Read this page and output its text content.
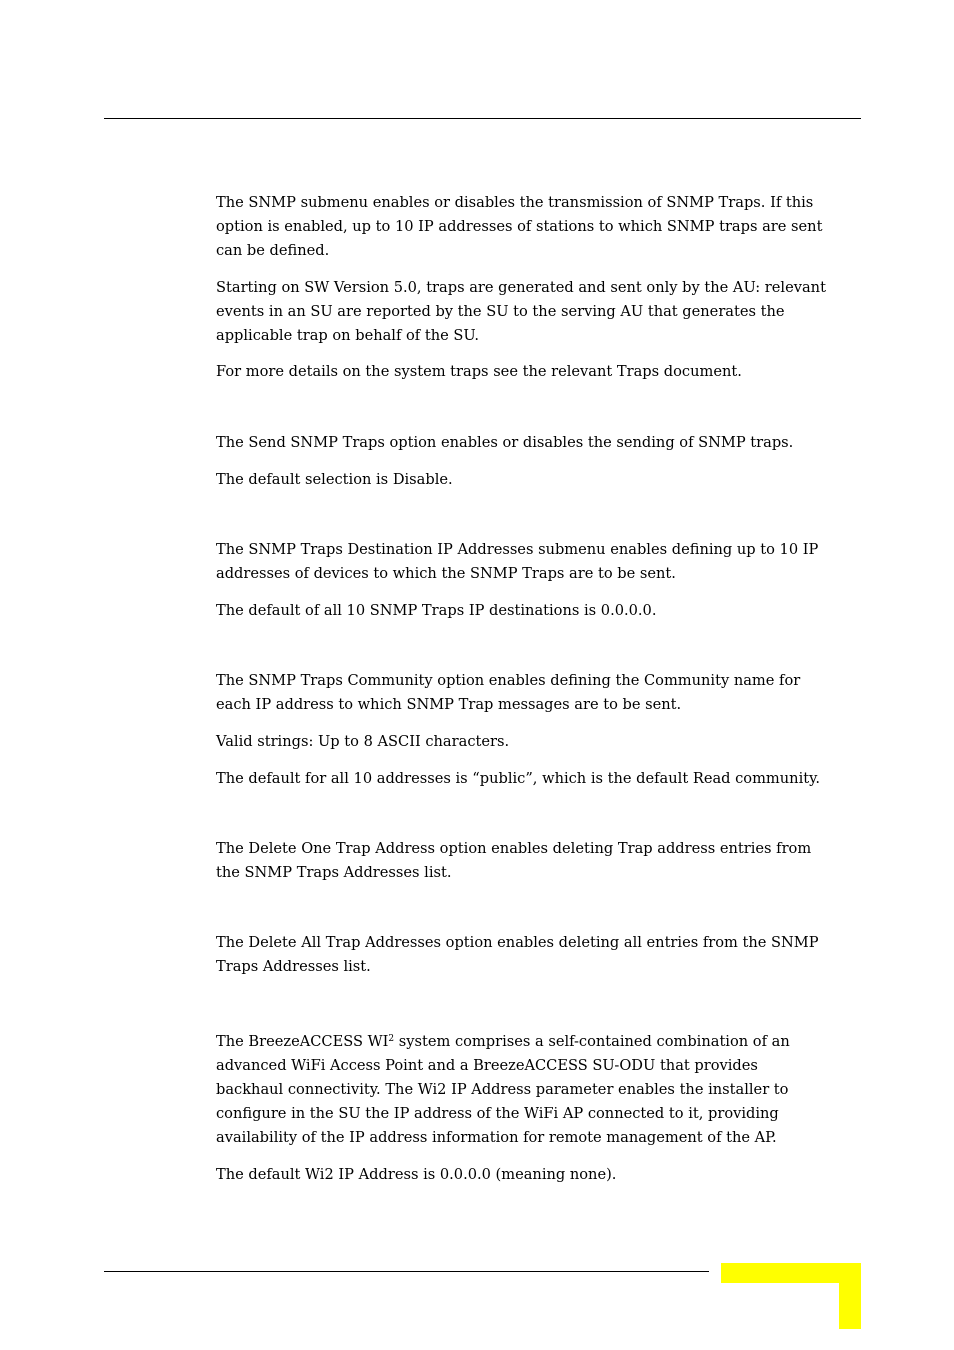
The SNMP submenu enables or disables the transmission of SNMP Traps. If this
option is enabled, up to 10 IP addresses of stations to which SNMP traps are sent
can be defined.
Starting on SW Version 5.0, traps are generated and sent only by the AU: relevant
events in an SU are reported by the SU to the serving AU that generates the
applicable trap on behalf of the SU.
For more details on the system traps see the relevant Traps document.
The Send SNMP Traps option enables or disables the sending of SNMP traps.
The default selection is Disable.
The SNMP Traps Destination IP Addresses submenu enables defining up to 10 IP
addresses of devices to which the SNMP Traps are to be sent.
The default of all 10 SNMP Traps IP destinations is 0.0.0.0.
The SNMP Traps Community option enables defining the Community name for
each IP address to which SNMP Trap messages are to be sent.
Valid strings: Up to 8 ASCII characters.
The default for all 10 addresses is “public”, which is the default Read community.
The Delete One Trap Address option enables deleting Trap address entries from
the SNMP Traps Addresses list.
The Delete All Trap Addresses option enables deleting all entries from the SNMP
Traps Addresses list.
The BreezeACCESS $WI^2$ system comprises a self-contained combination of an
advanced WiFi Access Point and a BreezeACCESS SU-ODU that provides
backhaul connectivity. The Wi2 IP Address parameter enables the installer to
configure in the SU the IP address of the WiFi AP connected to it, providing
availability of the IP address information for remote management of the AP.
The default Wi2 IP Address is 0.0.0.0 (meaning none).
